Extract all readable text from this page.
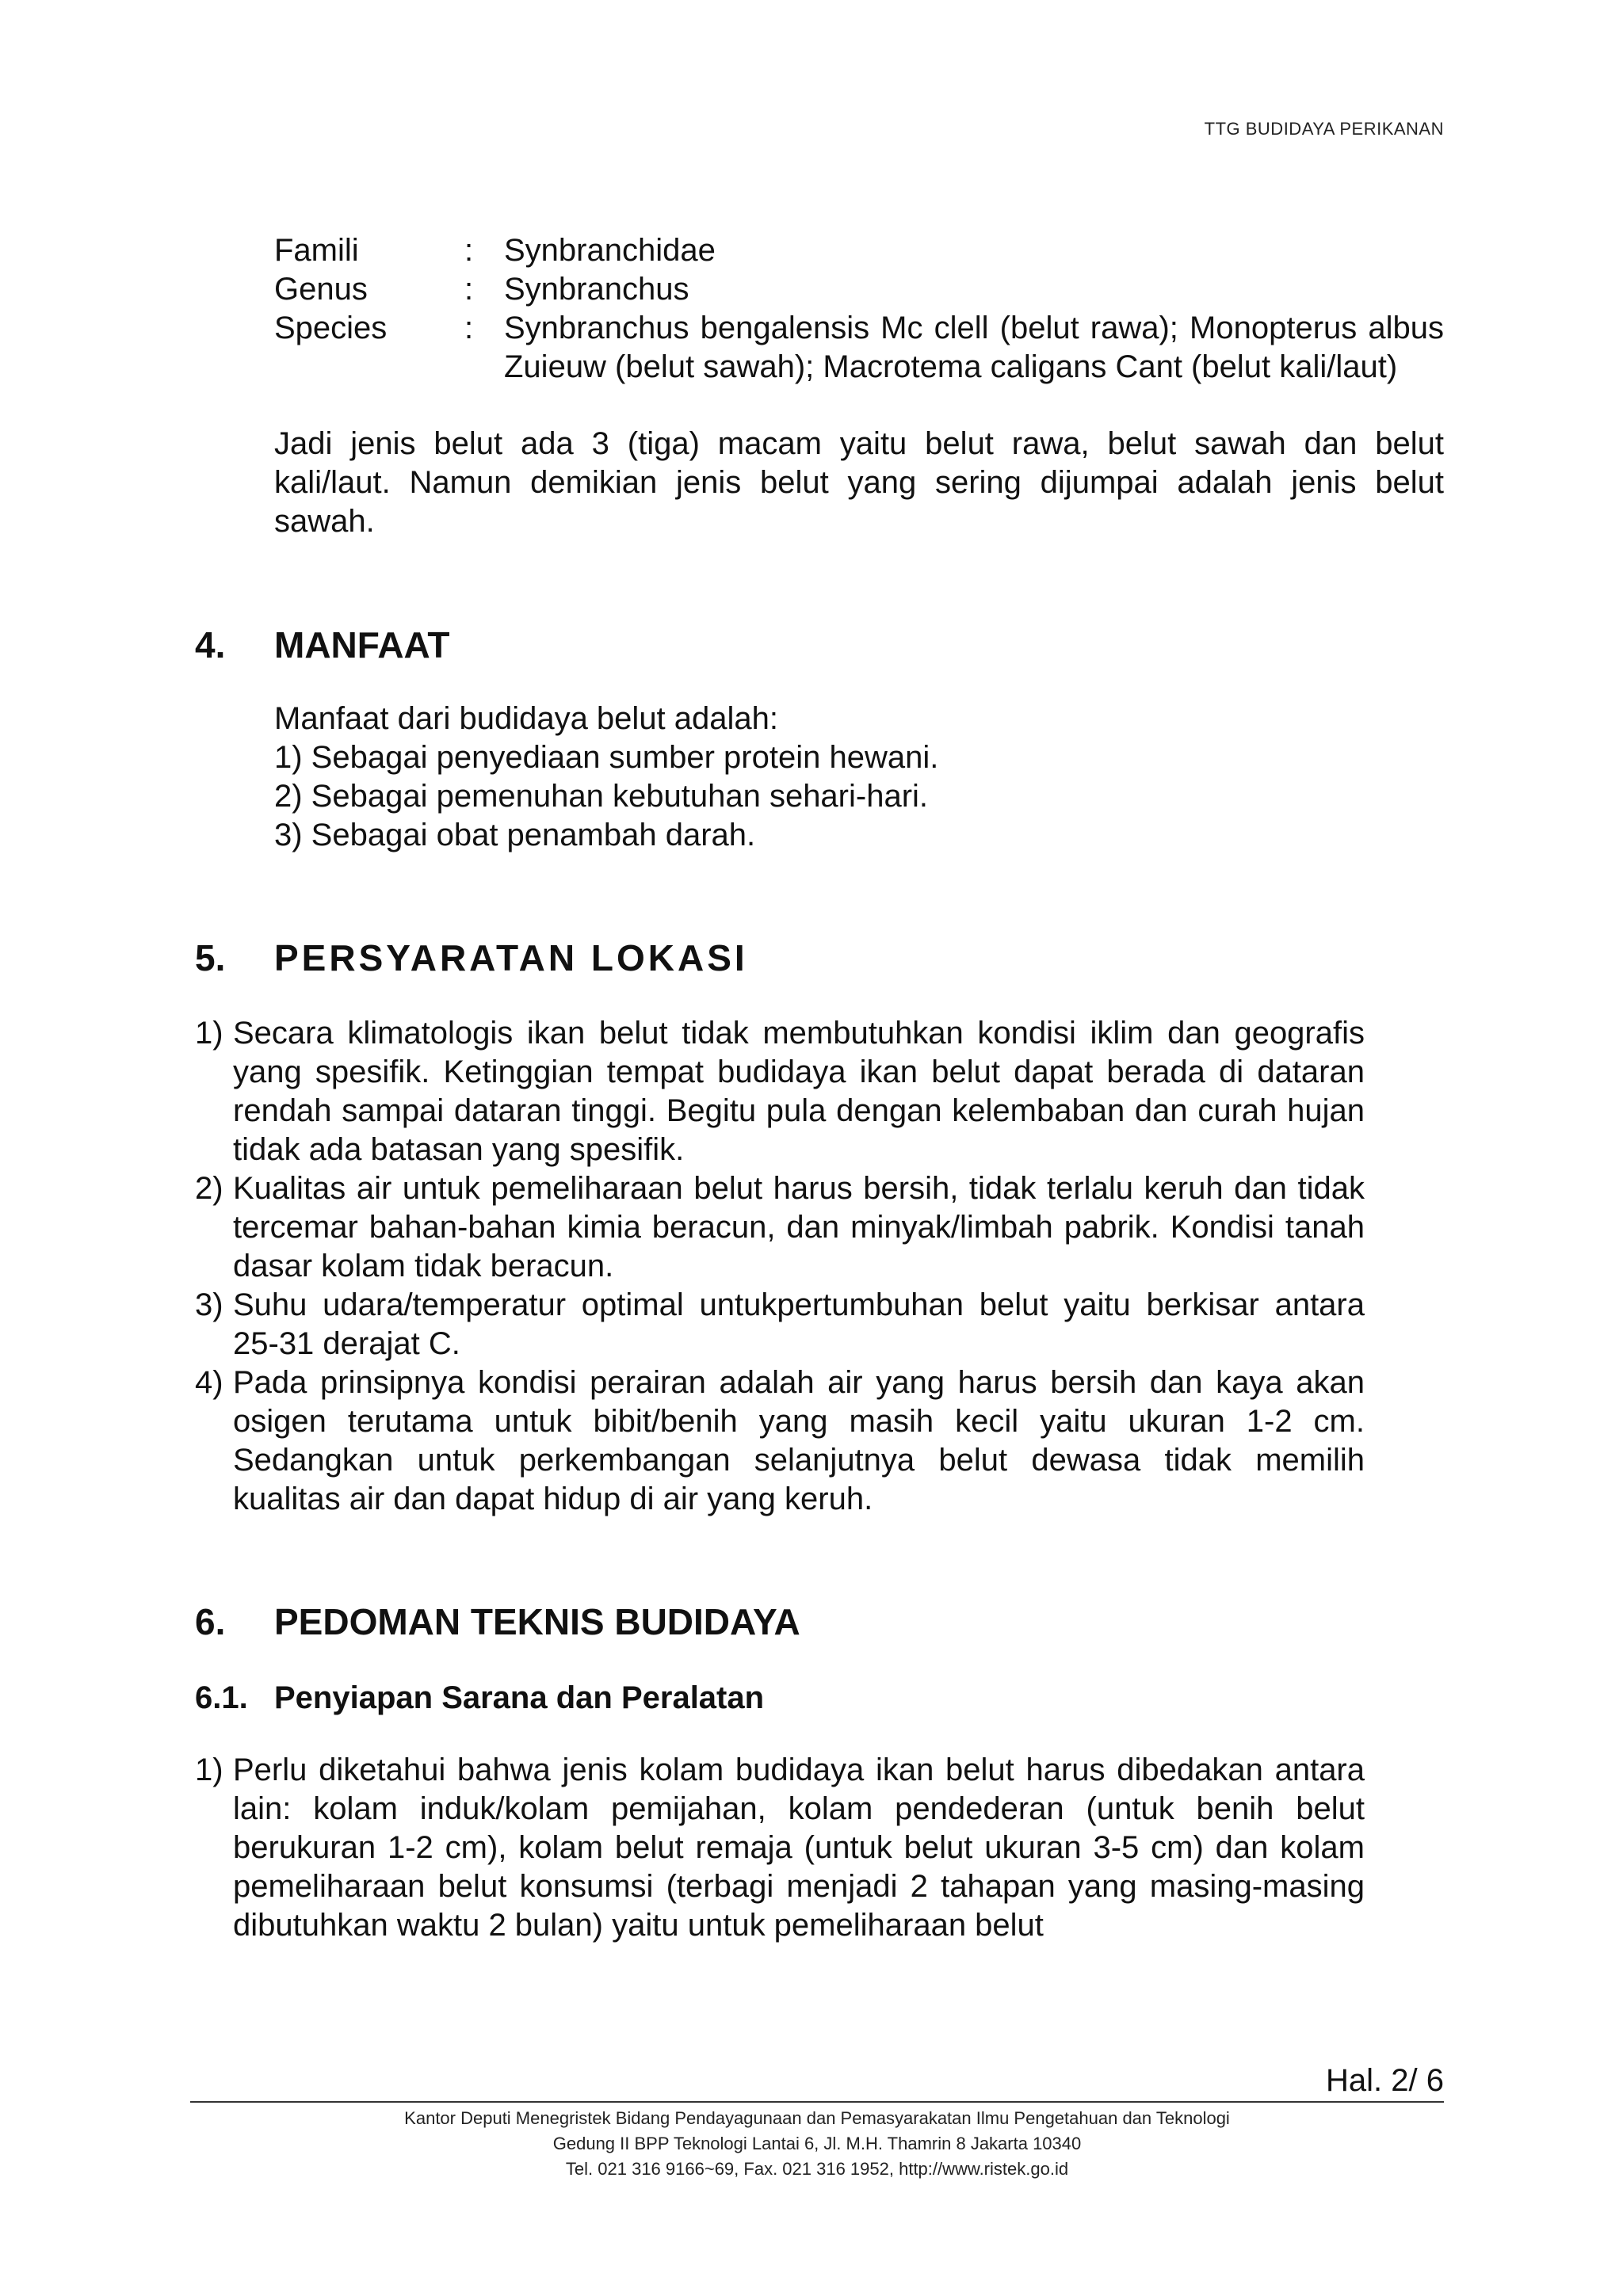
TTG BUDIDAYA PERIKANAN
Famili	: Synbranchidae
Genus	: Synbranchus
Species	: Synbranchus bengalensis Mc clell (belut rawa); Monopterus albus Zuieuw (belut sawah); Macrotema caligans Cant (belut kali/laut)

Jadi jenis belut ada 3 (tiga) macam yaitu belut rawa, belut sawah dan belut kali/laut. Namun demikian jenis belut yang sering dijumpai adalah jenis belut sawah.

4.	MANFAAT
Manfaat dari budidaya belut adalah:
1) Sebagai penyediaan sumber protein hewani.
2) Sebagai pemenuhan kebutuhan sehari-hari.
3) Sebagai obat penambah darah.
5.	PERSYARATAN LOKASI
1) Secara klimatologis ikan belut tidak membutuhkan kondisi iklim dan geografis yang spesifik. Ketinggian tempat budidaya ikan belut dapat berada di dataran rendah sampai dataran tinggi. Begitu pula dengan kelembaban dan curah hujan tidak ada batasan yang spesifik.
2) Kualitas air untuk pemeliharaan belut harus bersih, tidak terlalu keruh dan tidak tercemar bahan-bahan kimia beracun, dan minyak/limbah pabrik. Kondisi tanah dasar kolam tidak beracun.
3) Suhu udara/temperatur optimal untukpertumbuhan belut yaitu berkisar antara 25-31 derajat C.
4) Pada prinsipnya kondisi perairan adalah air yang harus bersih dan kaya akan osigen terutama untuk bibit/benih yang masih kecil yaitu ukuran 1-2 cm. Sedangkan untuk perkembangan selanjutnya belut dewasa tidak memilih kualitas air dan dapat hidup di air yang keruh.
6.	PEDOMAN TEKNIS BUDIDAYA
6.1. Penyiapan Sarana dan Peralatan
1) Perlu diketahui bahwa jenis kolam budidaya ikan belut harus dibedakan antara lain: kolam induk/kolam pemijahan, kolam pendederan (untuk benih belut berukuran 1-2 cm), kolam belut remaja (untuk belut ukuran 3-5 cm) dan kolam pemeliharaan belut konsumsi (terbagi menjadi 2 tahapan yang masing-masing dibutuhkan waktu 2 bulan) yaitu untuk pemeliharaan belut
Hal. 2/ 6
Kantor Deputi Menegristek Bidang Pendayagunaan dan Pemasyarakatan Ilmu Pengetahuan dan Teknologi
Gedung II BPP Teknologi Lantai 6, Jl. M.H. Thamrin 8 Jakarta 10340
Tel. 021 316 9166~69, Fax. 021 316 1952, http://www.ristek.go.id
